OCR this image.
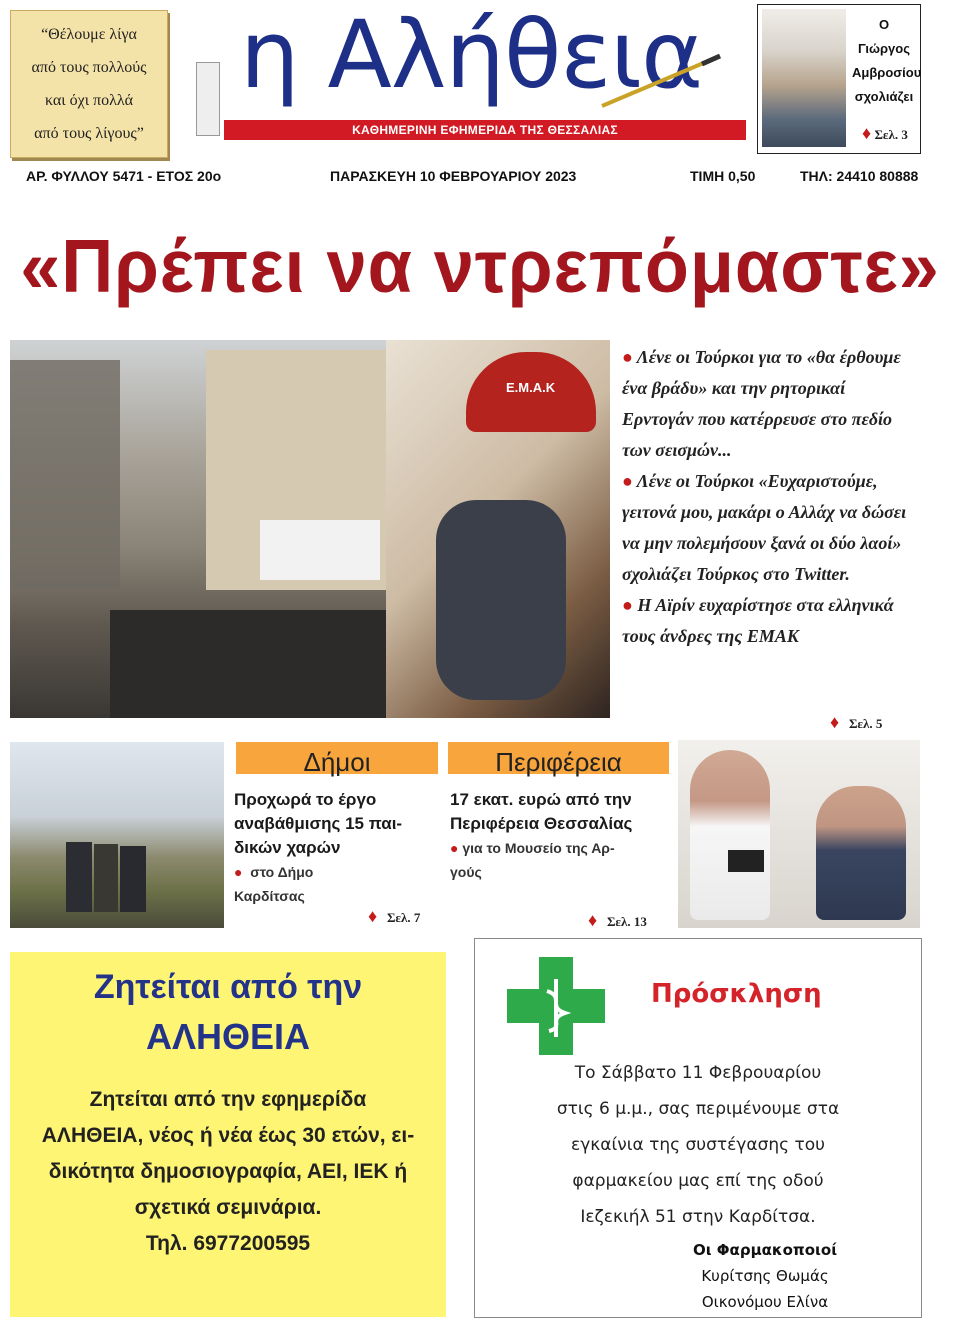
“Θέλουμε λίγα
από τους πολλούς
και όχι πολλά
από τους λίγους”
η Αλήθεια
ΚΑΘΗΜΕΡΙΝΗ ΕΦΗΜΕΡΙΔΑ ΤΗΣ ΘΕΣΣΑΛΙΑΣ
Ο Γιώργος
Αμβροσίου
σχολιάζει
♦ Σελ. 3
ΑΡ. ΦΥΛΛΟΥ 5471 - ΕΤΟΣ 20ο	ΠΑΡΑΣΚΕΥΗ 10 ΦΕΒΡΟΥΑΡΙΟΥ 2023	ΤΙΜΗ 0,50	ΤΗΛ: 24410 80888
«Πρέπει να ντρεπόμαστε»
Ε.Μ.Α.Κ
● Λένε οι Τούρκοι για το «θα έρθουμε ένα βράδυ» και την ρητορικαί Ερντογάν που κατέρρευσε στο πεδίο των σεισμών...
● Λένε οι Τούρκοι «Ευχαριστούμε, γειτονά μου, μακάρι ο Αλλάχ να δώσει να μην πολεμήσουν ξανά οι δύο λαοί» σχολιάζει Τούρκος στο Twitter.
● Η Αϊρίν ευχαρίστησε στα ελληνικά τους άνδρες της ΕΜΑΚ
♦ Σελ. 5
Δήμοι
Προχωρά το έργο
αναβάθμισης 15 παι-
δικών χαρών
● στο Δήμο
Καρδίτσας
♦ Σελ. 7
Περιφέρεια
17 εκατ. ευρώ από την
Περιφέρεια Θεσσαλίας
● για το Μουσείο της Αρ-
γούς
♦ Σελ. 13
Ζητείται από την
ΑΛΗΘΕΙΑ
Ζητείται από την εφημερίδα
ΑΛΗΘΕΙΑ, νέος ή νέα έως 30 ετών, ει-
δικότητα δημοσιογραφία, ΑΕΙ, ΙΕΚ ή
σχετικά σεμινάρια.
Τηλ. 6977200595
Πρόσκληση
Το Σάββατο 11 Φεβρουαρίου
στις 6 μ.μ., σας περιμένουμε στα
εγκαίνια της συστέγασης του
φαρμακείου μας επί της οδού
Ιεζεκιήλ 51 στην Καρδίτσα.
Οι Φαρμακοποιοί
Κυρίτσης Θωμάς
Οικονόμου Ελίνα
